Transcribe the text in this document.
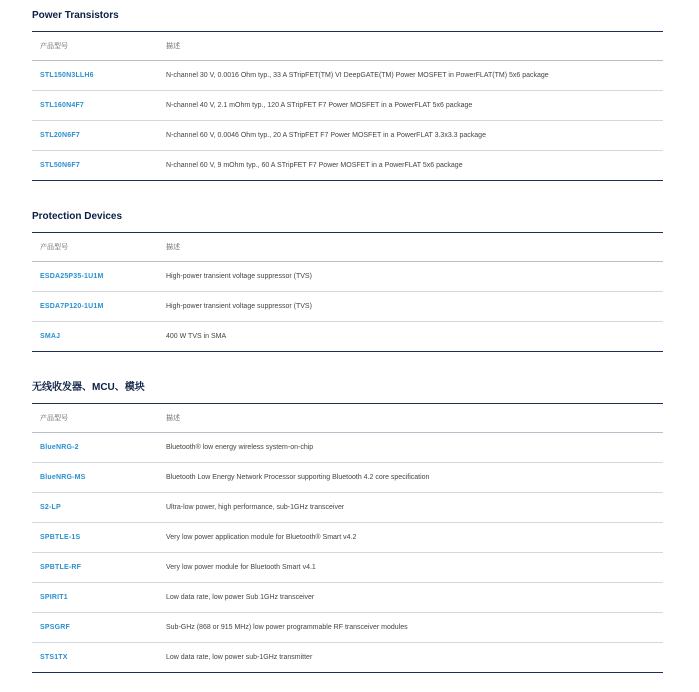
Power Transistors
产品型号	描述
STL150N3LLH6	N-channel 30 V, 0.0016 Ohm typ., 33 A STripFET(TM) VI DeepGATE(TM) Power MOSFET in PowerFLAT(TM) 5x6 package
STL160N4F7	N-channel 40 V, 2.1 mOhm typ., 120 A STripFET F7 Power MOSFET in a PowerFLAT 5x6 package
STL20N6F7	N-channel 60 V, 0.0046 Ohm typ., 20 A STripFET F7 Power MOSFET in a PowerFLAT 3.3x3.3 package
STL50N6F7	N-channel 60 V, 9 mOhm typ., 60 A STripFET F7 Power MOSFET in a PowerFLAT 5x6 package
Protection Devices
产品型号	描述
ESDA25P35-1U1M	High-power transient voltage suppressor (TVS)
ESDA7P120-1U1M	High-power transient voltage suppressor (TVS)
SMAJ	400 W TVS in SMA
无线收发器、MCU、模块
产品型号	描述
BlueNRG-2	Bluetooth® low energy wireless system-on-chip
BlueNRG-MS	Bluetooth Low Energy Network Processor supporting Bluetooth 4.2 core specification
S2-LP	Ultra-low power, high performance, sub-1GHz transceiver
SPBTLE-1S	Very low power application module for Bluetooth® Smart v4.2
SPBTLE-RF	Very low power module for Bluetooth Smart v4.1
SPIRIT1	Low data rate, low power Sub 1GHz transceiver
SPSGRF	Sub-GHz (868 or 915 MHz) low power programmable RF transceiver modules
STS1TX	Low data rate, low power sub-1GHz transmitter
